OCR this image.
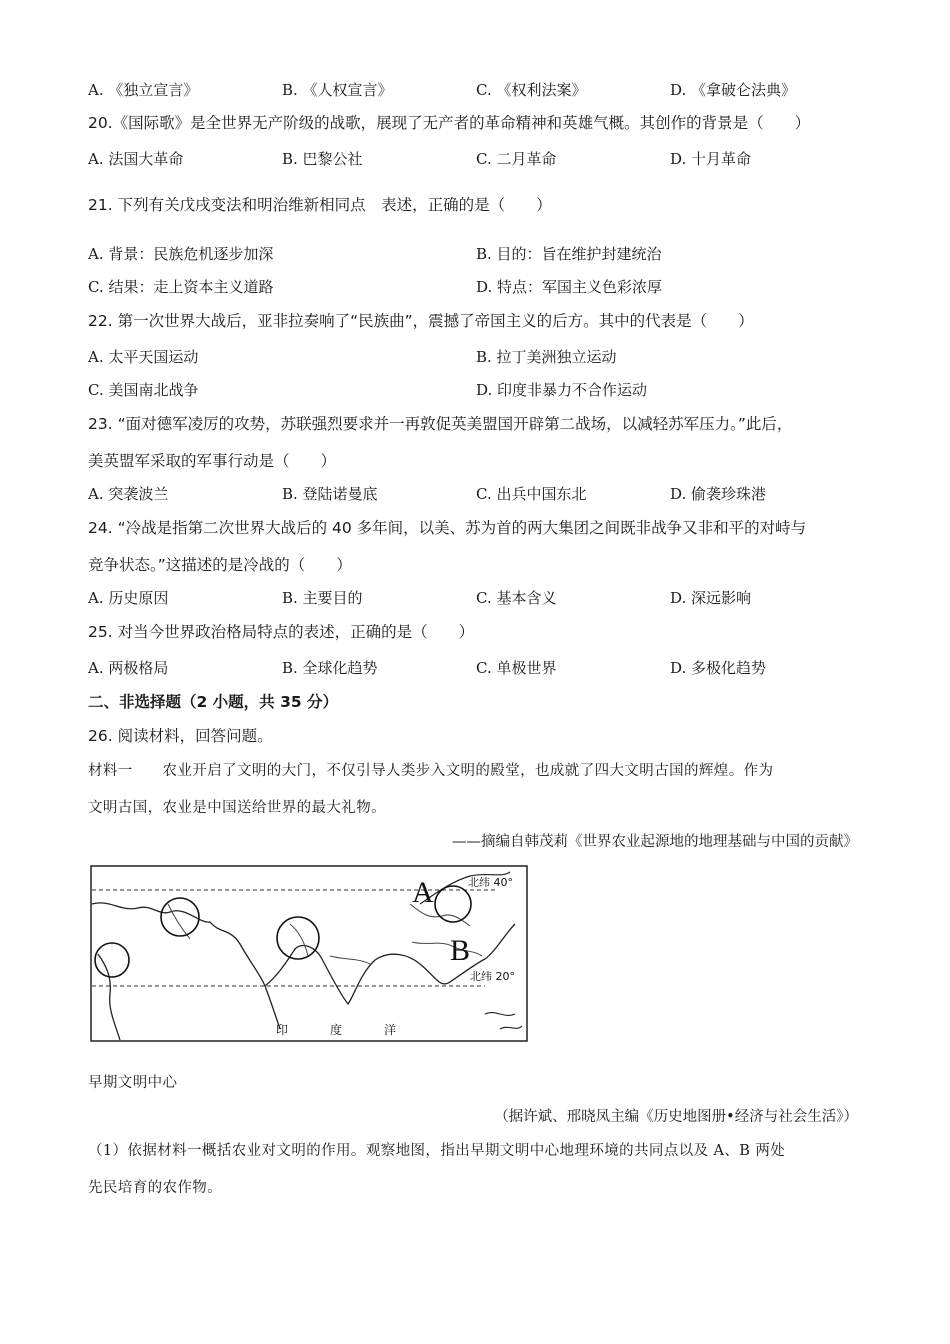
A. 《独立宣言》	B. 《人权宣言》	C. 《权利法案》	D. 《拿破仑法典》
20.《国际歌》是全世界无产阶级的战歌，展现了无产者的革命精神和英雄气概。其创作的背景是（　　）
A. 法国大革命	B. 巴黎公社	C. 二月革命	D. 十月革命
21. 下列有关戊戌变法和明治维新相同点　表述，正确的是（　　）
A. 背景：民族危机逐步加深	B. 目的：旨在维护封建统治
C. 结果：走上资本主义道路	D. 特点：军国主义色彩浓厚
22. 第一次世界大战后，亚非拉奏响了“民族曲”，震撼了帝国主义的后方。其中的代表是（　　）
A. 太平天国运动	B. 拉丁美洲独立运动
C. 美国南北战争	D. 印度非暴力不合作运动
23. “面对德军凌厉的攻势，苏联强烈要求并一再敦促英美盟国开辟第二战场，以减轻苏军压力。”此后，
美英盟军采取的军事行动是（　　）
A. 突袭波兰	B. 登陆诺曼底	C. 出兵中国东北	D. 偷袭珍珠港
24. “冷战是指第二次世界大战后的 40 多年间，以美、苏为首的两大集团之间既非战争又非和平的对峙与
竞争状态。”这描述的是冷战的（　　）
A. 历史原因	B. 主要目的	C. 基本含义	D. 深远影响
25. 对当今世界政治格局特点的表述，正确的是（　　）
A. 两极格局	B. 全球化趋势	C. 单极世界	D. 多极化趋势
二、非选择题（2 小题，共 35 分）
26. 阅读材料，回答问题。
材料一　　农业开启了文明的大门，不仅引导人类步入文明的殿堂，也成就了四大文明古国的辉煌。作为
文明古国，农业是中国送给世界的最大礼物。
——摘编自韩茂莉《世界农业起源地的地理基础与中国的贡献》
A
B
北纬 40°
北纬 20°
印	度	洋
早期文明中心
（据许斌、邢晓凤主编《历史地图册•经济与社会生活》）
（1）依据材料一概括农业对文明的作用。观察地图，指出早期文明中心地理环境的共同点以及 A、B 两处
先民培育的农作物。
